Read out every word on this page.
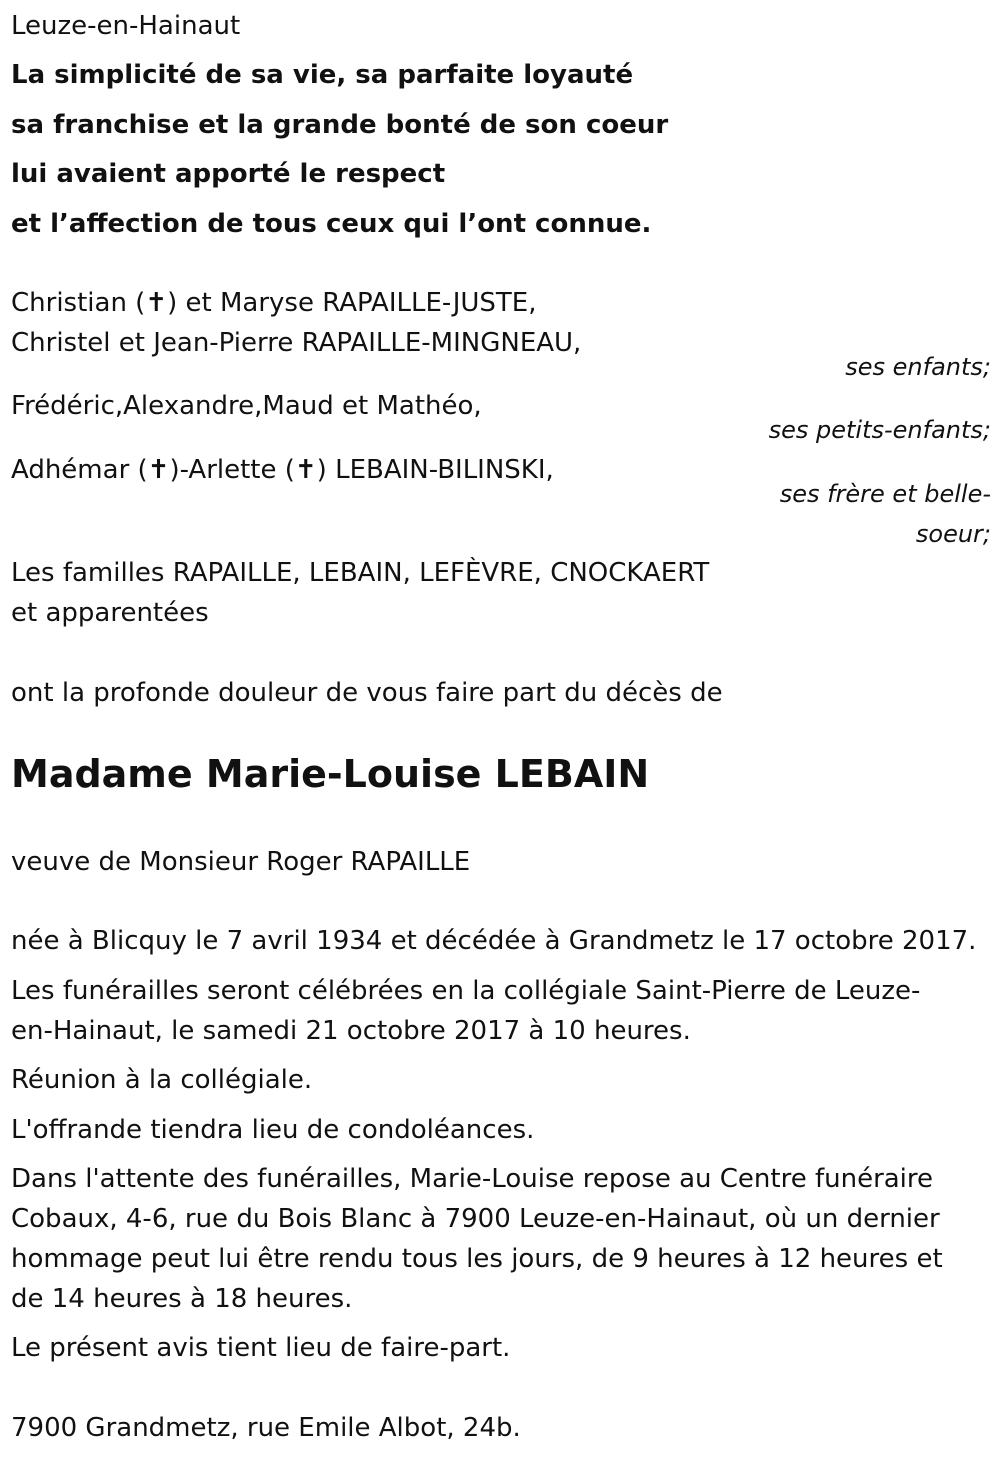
Leuze-en-Hainaut
La simplicité de sa vie, sa parfaite loyauté
sa franchise et la grande bonté de son coeur
lui avaient apporté le respect
et l’affection de tous ceux qui l’ont connue.
Christian (✝) et Maryse RAPAILLE-JUSTE,
Christel et Jean-Pierre RAPAILLE-MINGNEAU,
ses enfants;
Frédéric,Alexandre,Maud et Mathéo,
ses petits-enfants;
Adhémar (✝)-Arlette (✝) LEBAIN-BILINSKI,
ses frère et belle-soeur;
Les familles RAPAILLE, LEBAIN, LEFÈVRE, CNOCKAERT
et apparentées
ont la profonde douleur de vous faire part du décès de
Madame Marie-Louise LEBAIN
veuve de Monsieur Roger RAPAILLE
née à Blicquy le 7 avril 1934 et décédée à Grandmetz le 17 octobre 2017.
Les funérailles seront célébrées en la collégiale Saint-Pierre de Leuze-
en-Hainaut, le samedi 21 octobre 2017 à 10 heures.
Réunion à la collégiale.
L'offrande tiendra lieu de condoléances.
Dans l'attente des funérailles, Marie-Louise repose au Centre funéraire
Cobaux, 4-6, rue du Bois Blanc à 7900 Leuze-en-Hainaut, où un dernier
hommage peut lui être rendu tous les jours, de 9 heures à 12 heures et
de 14 heures à 18 heures.
Le présent avis tient lieu de faire-part.
7900 Grandmetz, rue Emile Albot, 24b.
